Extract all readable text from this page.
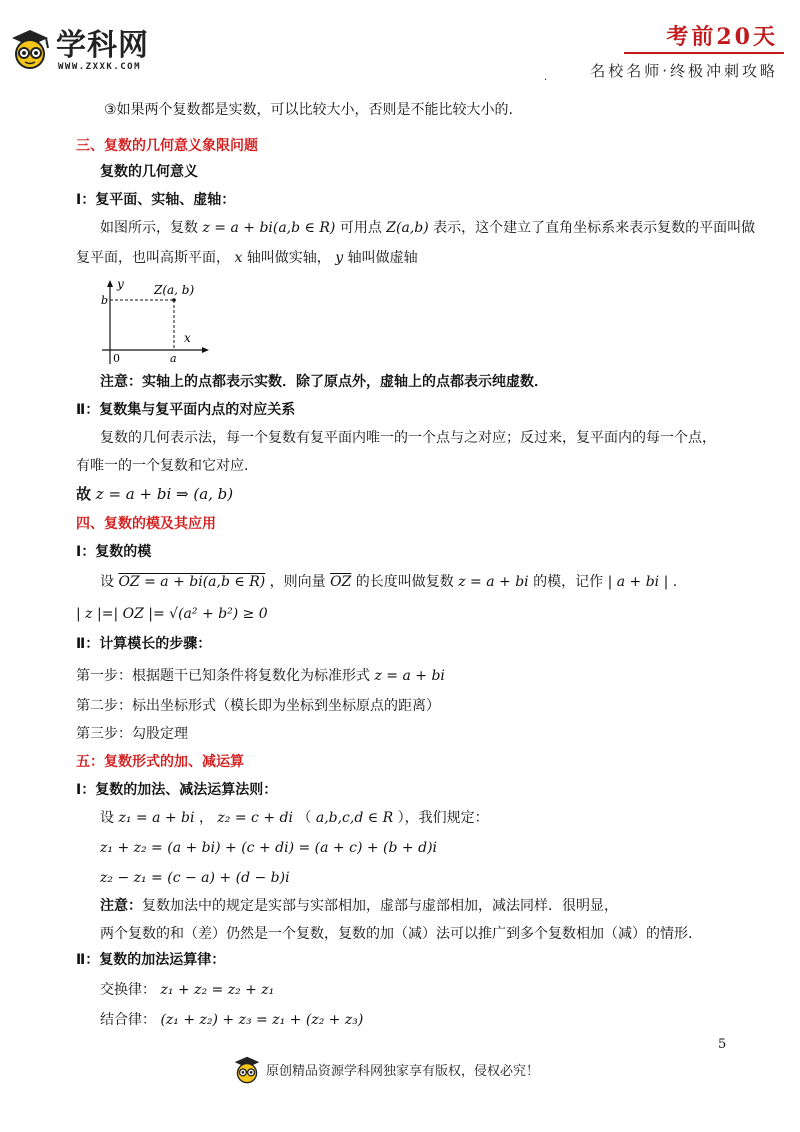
学科网
WWW.ZXXK.COM
考前20天
名校名师·终极冲刺攻略
.
③如果两个复数都是实数，可以比较大小，否则是不能比较大小的.
三、复数的几何意义象限问题
复数的几何意义
Ⅰ：复平面、实轴、虚轴：
如图所示，复数 z = a + bi(a,b ∈ R) 可用点 Z(a,b) 表示，这个建立了直角坐标系来表示复数的平面叫做
复平面，也叫高斯平面， x 轴叫做实轴， y 轴叫做虚轴
注意：实轴上的点都表示实数．除了原点外，虚轴上的点都表示纯虚数．
Ⅱ：复数集与复平面内点的对应关系
复数的几何表示法，每一个复数有复平面内唯一的一个点与之对应；反过来，复平面内的每一个点，
有唯一的一个复数和它对应.
故 z = a + bi ⇒ (a, b)
四、复数的模及其应用
Ⅰ：复数的模
设 OZ = a + bi(a,b ∈ R) ，则向量 $\overline{OZ}$ 的长度叫做复数 z = a + bi 的模，记作 | a + bi | .
| z |=| OZ |= √(a² + b²) ≥ 0
Ⅱ：计算模长的步骤：
第一步：根据题干已知条件将复数化为标准形式 z = a + bi
第二步：标出坐标形式（模长即为坐标到坐标原点的距离）
第三步：勾股定理
五：复数形式的加、减运算
Ⅰ：复数的加法、减法运算法则：
设 z₁ = a + bi ， z₂ = c + di （ a,b,c,d ∈ R ），我们规定：
z₁ + z₂ = (a + bi) + (c + di) = (a + c) + (b + d)i
z₂ − z₁ = (c − a) + (d − b)i
注意：复数加法中的规定是实部与实部相加，虚部与虚部相加，减法同样．很明显，
两个复数的和（差）仍然是一个复数，复数的加（减）法可以推广到多个复数相加（减）的情形.
Ⅱ：复数的加法运算律：
交换律： z₁ + z₂ = z₂ + z₁
结合律： (z₁ + z₂) + z₃ = z₁ + (z₂ + z₃)
y
x
b
a
0
Z(a, b)
5
原创精品资源学科网独家享有版权，侵权必究！
